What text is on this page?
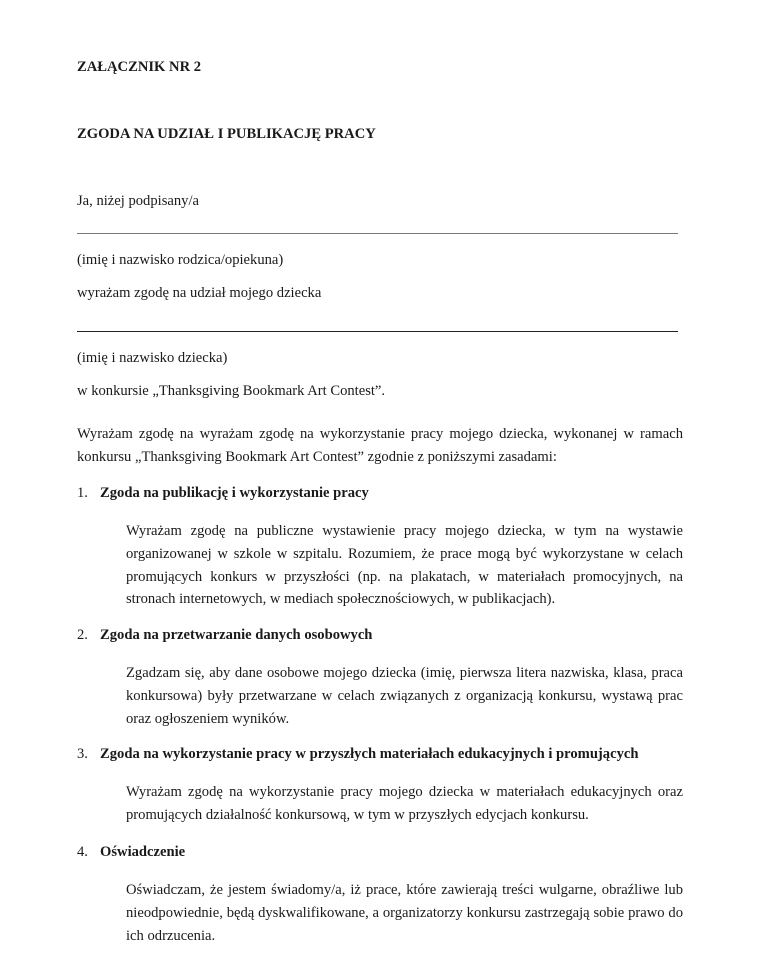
ZAŁĄCZNIK NR 2
ZGODA NA UDZIAŁ I PUBLIKACJĘ PRACY
Ja, niżej podpisany/a
(imię i nazwisko rodzica/opiekuna)
wyrażam zgodę na udział mojego dziecka
(imię i nazwisko dziecka)
w konkursie „Thanksgiving Bookmark Art Contest”.
Wyrażam zgodę na wyrażam zgodę na wykorzystanie pracy mojego dziecka, wykonanej w ramach konkursu „Thanksgiving Bookmark Art Contest” zgodnie z poniższymi zasadami:
1. Zgoda na publikację i wykorzystanie pracy
Wyrażam zgodę na publiczne wystawienie pracy mojego dziecka, w tym na wystawie organizowanej w szkole w szpitalu. Rozumiem, że prace mogą być wykorzystane w celach promujących konkurs w przyszłości (np. na plakatach, w materiałach promocyjnych, na stronach internetowych, w mediach społecznościowych, w publikacjach).
2. Zgoda na przetwarzanie danych osobowych
Zgadzam się, aby dane osobowe mojego dziecka (imię, pierwsza litera nazwiska, klasa, praca konkursowa) były przetwarzane w celach związanych z organizacją konkursu, wystawą prac oraz ogłoszeniem wyników.
3. Zgoda na wykorzystanie pracy w przyszłych materiałach edukacyjnych i promujących
Wyrażam zgodę na wykorzystanie pracy mojego dziecka w materiałach edukacyjnych oraz promujących działalność konkursową, w tym w przyszłych edycjach konkursu.
4. Oświadczenie
Oświadczam, że jestem świadomy/a, iż prace, które zawierają treści wulgarne, obraźliwe lub nieodpowiednie, będą dyskwalifikowane, a organizatorzy konkursu zastrzegają sobie prawo do ich odrzucenia.
